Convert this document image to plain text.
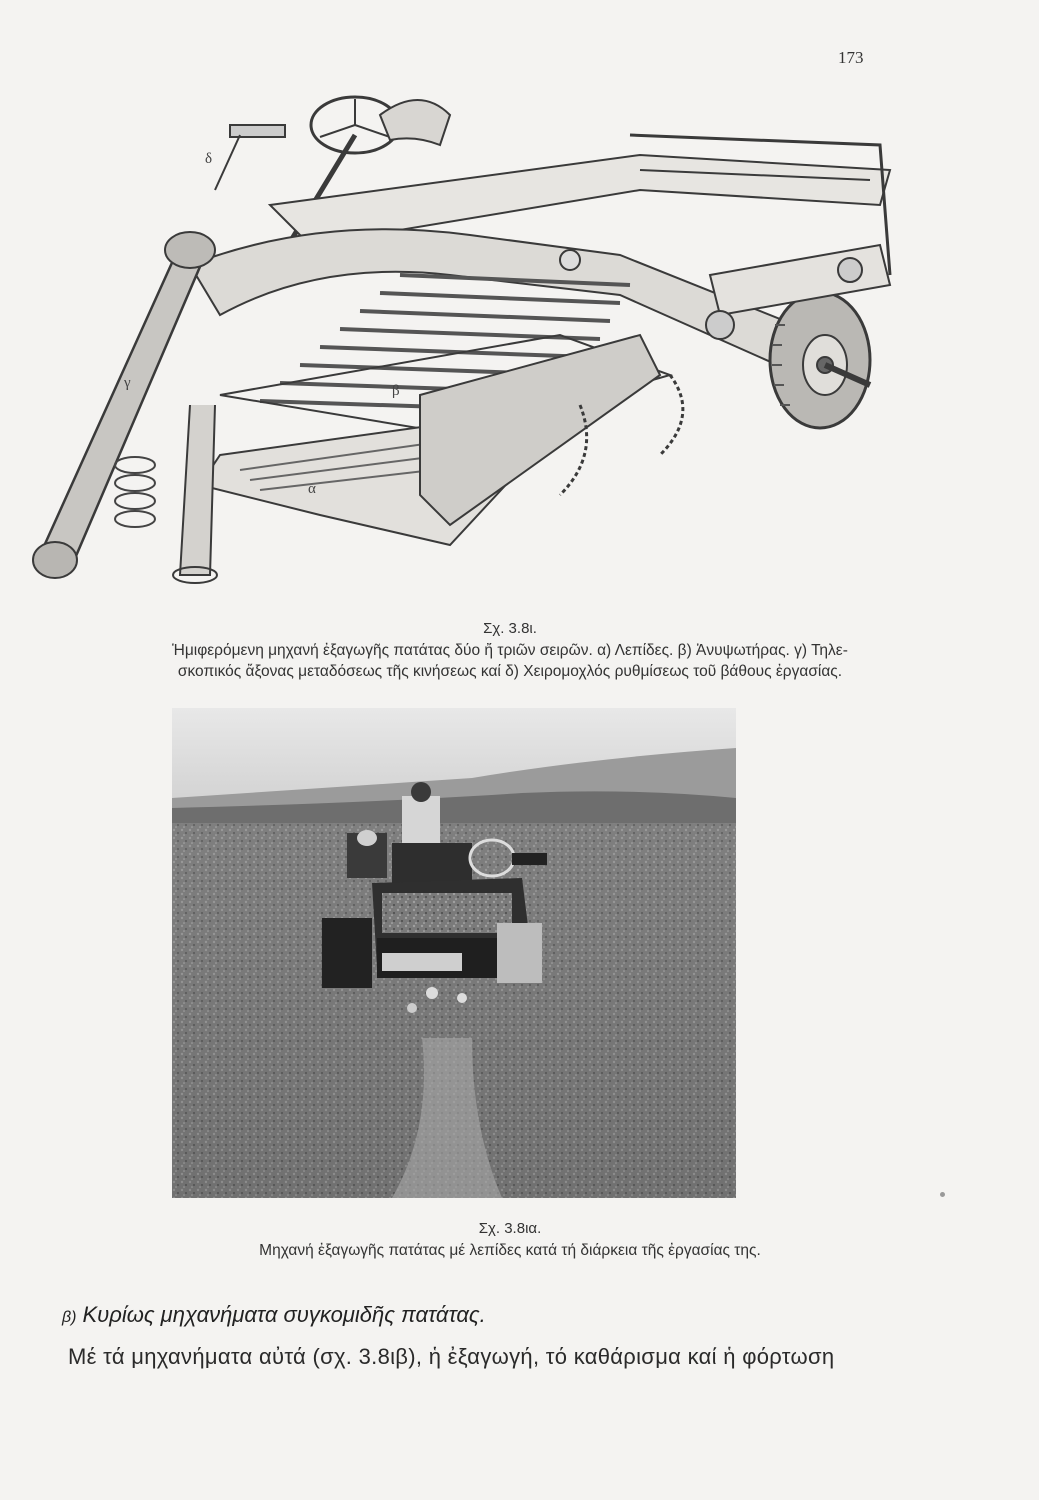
173
δ
γ	β
α
Σχ. 3.8ι.
Ἡμιφερόμενη μηχανή ἐξαγωγῆς πατάτας δύο ἤ τριῶν σειρῶν. α) Λεπίδες. β) Ἀνυψωτήρας. γ) Τηλε-
σκοπικός ἄξονας μεταδόσεως τῆς κινήσεως καί δ) Χειρομοχλός ρυθμίσεως τοῦ βάθους ἐργασίας.
Σχ. 3.8ια.
Μηχανή ἐξαγωγῆς πατάτας μέ λεπίδες κατά τή διάρκεια τῆς ἐργασίας της.
β) Κυρίως μηχανήματα συγκομιδῆς πατάτας.
Μέ τά μηχανήματα αὐτά (σχ. 3.8ιβ), ἡ ἐξαγωγή, τό καθάρισμα καί ἡ φόρτωση
